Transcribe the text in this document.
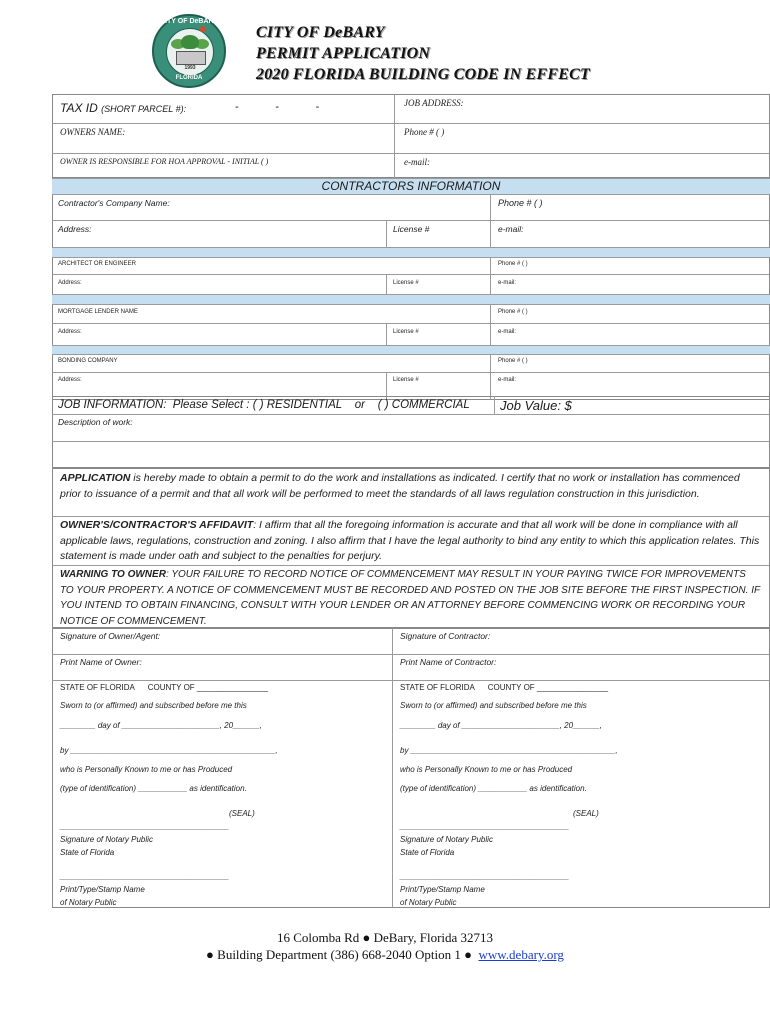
CITY OF DeBARY
1993
FLORIDA
CITY OF DeBARY
PERMIT APPLICATION
2020 FLORIDA BUILDING CODE IN EFFECT
TAX ID (SHORT PARCEL #):	-            -            -	JOB ADDRESS:
OWNERS NAME:	Phone # ( )
OWNER IS RESPONSIBLE FOR HOA APPROVAL - INITIAL ( )	e-mail:
CONTRACTORS INFORMATION
Contractor's Company Name:	Phone # ( )
Address:	License #	e-mail:
ARCHITECT OR ENGINEER	Phone # ( )
Address:	License #	e-mail:
MORTGAGE LENDER NAME	Phone # ( )
Address:	License #	e-mail:
BONDING COMPANY	Phone # ( )
Address:	License #	e-mail:
JOB INFORMATION:  Please Select : ( ) RESIDENTIAL    or    ( ) COMMERCIAL Job Value: $
Description of work:
APPLICATION is hereby made to obtain a permit to do the work and installations as indicated. I certify that no work or installation has commenced prior to issuance of a permit and that all work will be performed to meet the standards of all laws regulation construction in this jurisdiction.
OWNER'S/CONTRACTOR'S AFFIDAVIT: I affirm that all the foregoing information is accurate and that all work will be done in compliance with all applicable laws, regulations, construction and zoning. I also affirm that I have the legal authority to bind any entity to which this application relates. This statement is made under oath and subject to the penalties for perjury.
WARNING TO OWNER: YOUR FAILURE TO RECORD NOTICE OF COMMENCEMENT MAY RESULT IN YOUR PAYING TWICE FOR IMPROVEMENTS TO YOUR PROPERTY. A NOTICE OF COMMENCEMENT MUST BE RECORDED AND POSTED ON THE JOB SITE BEFORE THE FIRST INSPECTION. IF YOU INTEND TO OBTAIN FINANCING, CONSULT WITH YOUR LENDER OR AN ATTORNEY BEFORE COMMENCING WORK OR RECORDING YOUR NOTICE OF COMMENCEMENT.
Signature of Owner/Agent:	Signature of Contractor:
Print Name of Owner:	Print Name of Contractor:
STATE OF FLORIDA      COUNTY OF ________________
Sworn to (or affirmed) and subscribed before me this
________ day of ______________________, 20______,
by ______________________________________________,
who is Personally Known to me or has Produced
(type of identification) ___________ as identification.
(SEAL)
______________________________________
Signature of Notary Public
State of Florida
______________________________________
Print/Type/Stamp Name
of Notary Public
STATE OF FLORIDA      COUNTY OF ________________
Sworn to (or affirmed) and subscribed before me this
________ day of ______________________, 20______,
by ______________________________________________,
who is Personally Known to me or has Produced
(type of identification) ___________ as identification.
(SEAL)
______________________________________
Signature of Notary Public
State of Florida
______________________________________
Print/Type/Stamp Name
of Notary Public
16 Colomba Rd ● DeBary, Florida 32713
● Building Department (386) 668-2040 Option 1 ●  www.debary.org
